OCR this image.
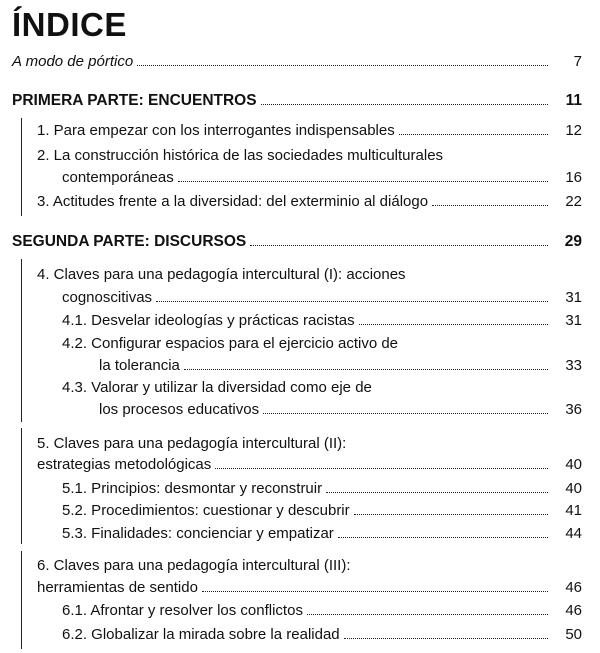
ÍNDICE
A modo de pórtico	7
PRIMERA PARTE: ENCUENTROS	11
1. Para empezar con los interrogantes indispensables	12
2. La construcción histórica de las sociedades multiculturales
contemporáneas	16
3. Actitudes frente a la diversidad: del exterminio al diálogo	22
SEGUNDA PARTE: DISCURSOS	29
4. Claves para una pedagogía intercultural (I): acciones
cognoscitivas	31
4.1. Desvelar ideologías y prácticas racistas	31
4.2. Configurar espacios para el ejercicio activo de
la tolerancia	33
4.3. Valorar y utilizar la diversidad como eje de
los procesos educativos	36
5. Claves para una pedagogía intercultural (II):
estrategias metodológicas	40
5.1. Principios: desmontar y reconstruir	40
5.2. Procedimientos: cuestionar y descubrir	41
5.3. Finalidades: concienciar y empatizar	44
6. Claves para una pedagogía intercultural (III):
herramientas de sentido	46
6.1. Afrontar y resolver los conflictos	46
6.2. Globalizar la mirada sobre la realidad	50
